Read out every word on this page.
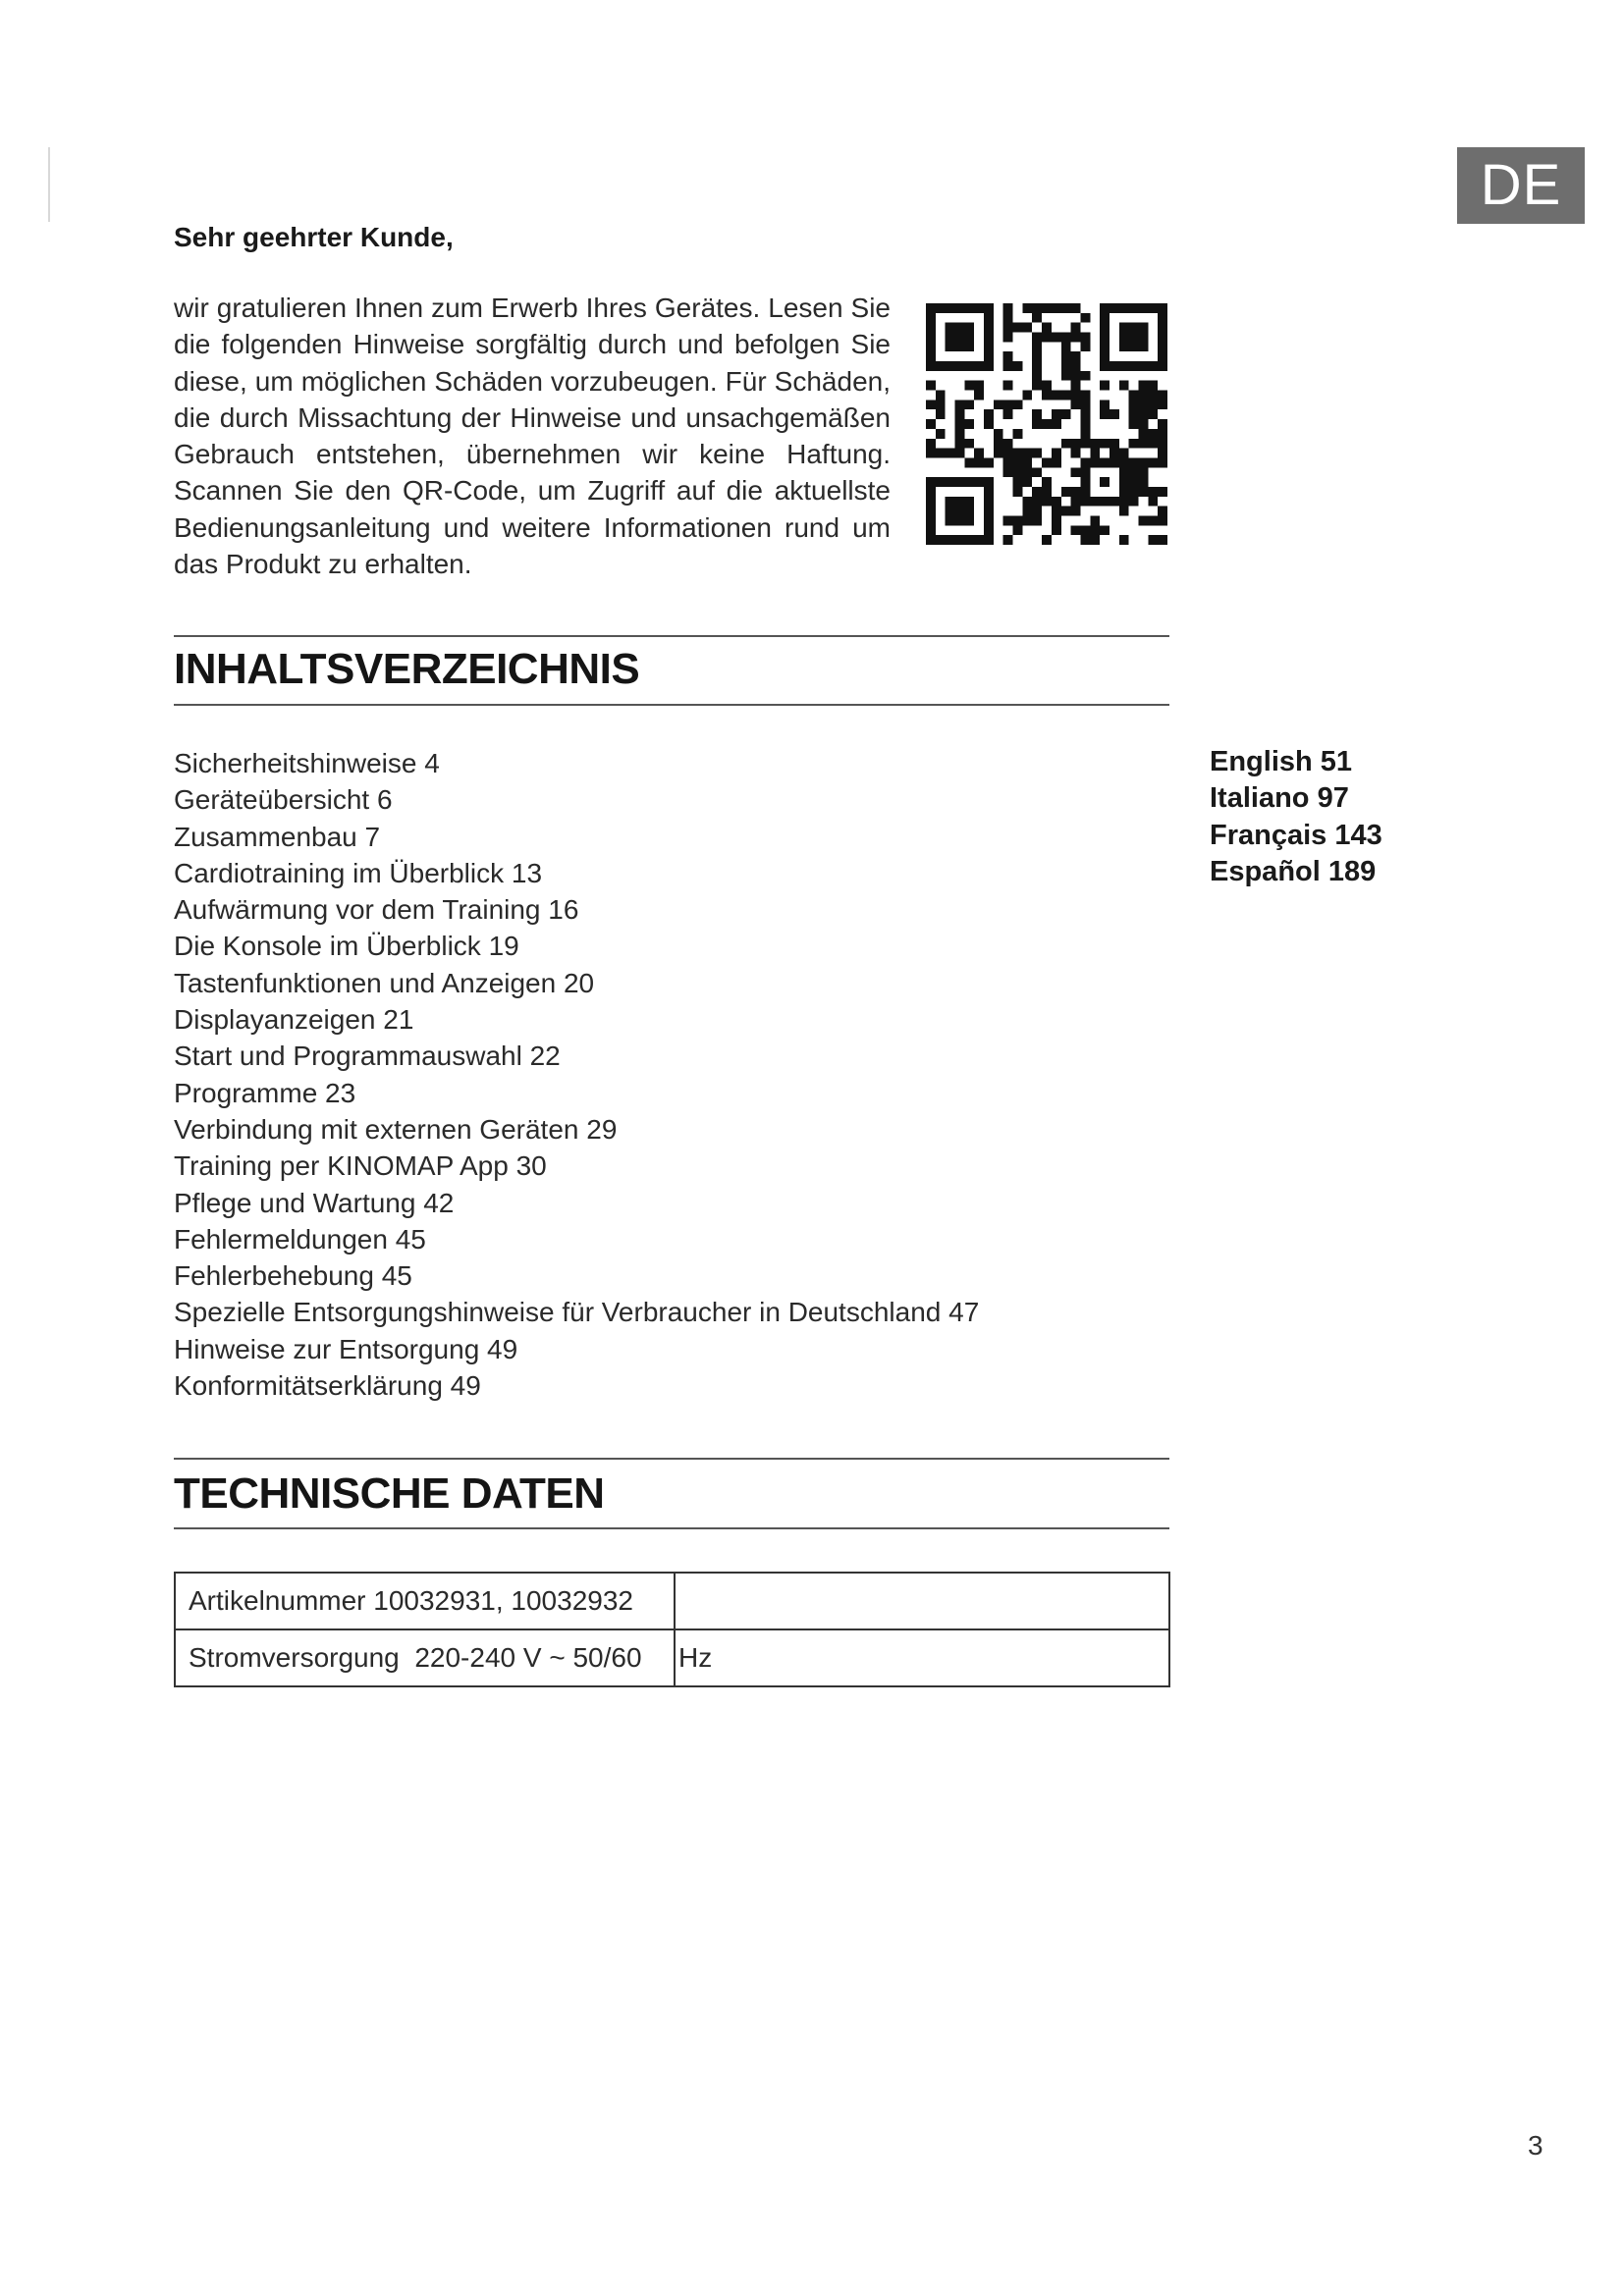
DE
Sehr geehrter Kunde,
wir gratulieren Ihnen zum Erwerb Ihres Gerätes. Lesen Sie die folgenden Hinweise sorgfältig durch und befolgen Sie diese, um möglichen Schäden vorzubeugen. Für Schäden, die durch Missachtung der Hinweise und unsachgemäßen Gebrauch entstehen, übernehmen wir keine Haftung. Scannen Sie den QR-Code, um Zugriff auf die aktuellste Bedienungsanleitung und weitere Informationen rund um das Produkt zu erhalten.
INHALTSVERZEICHNIS
Sicherheitshinweise 4
Geräteübersicht 6
Zusammenbau 7
Cardiotraining im Überblick 13
Aufwärmung vor dem Training 16
Die Konsole im Überblick 19
Tastenfunktionen und Anzeigen 20
Displayanzeigen 21
Start und Programmauswahl 22
Programme 23
Verbindung mit externen Geräten 29
Training per KINOMAP App 30
Pflege und Wartung 42
Fehlermeldungen 45
Fehlerbehebung 45
Spezielle Entsorgungshinweise für Verbraucher in Deutschland 47
Hinweise zur Entsorgung 49
Konformitätserklärung 49
English 51
Italiano 97
Français 143
Español 189
TECHNISCHE DATEN
Artikelnummer 10032931, 10032932	
Stromversorgung 220-240 V ~ 50/60	Hz
3
